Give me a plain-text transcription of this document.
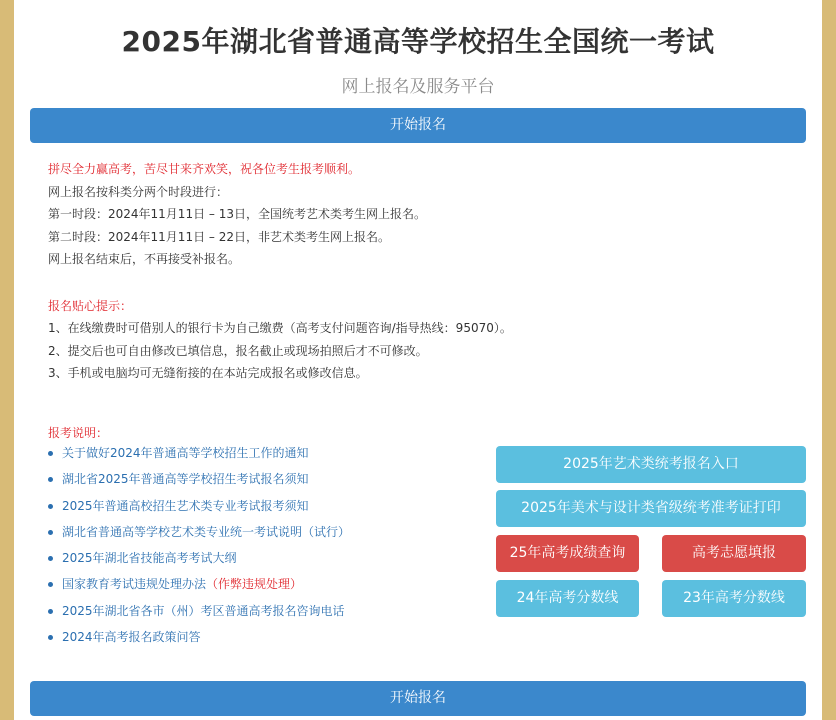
2025年湖北省普通高等学校招生全国统一考试
网上报名及服务平台
开始报名

拼尽全力赢高考，苦尽甘来齐欢笑，祝各位考生报考顺利。

网上报名按科类分两个时段进行：

第一时段：2024年11月11日 – 13日，全国统考艺术类考生网上报名。

第二时段：2024年11月11日 – 22日，非艺术类考生网上报名。

网上报名结束后，不再接受补报名。

报名贴心提示：

1、在线缴费时可借别人的银行卡为自己缴费（高考支付问题咨询/指导热线：95070）。

2、提交后也可自由修改已填信息，报名截止或现场拍照后才不可修改。

3、手机或电脑均可无缝衔接的在本站完成报名或修改信息。

报考说明：

关于做好2024年普通高等学校招生工作的通知
湖北省2025年普通高等学校招生考试报名须知
2025年普通高校招生艺术类专业考试报考须知
湖北省普通高等学校艺术类专业统一考试说明（试行）
2025年湖北省技能高考考试大纲
国家教育考试违规处理办法（作弊违规处理）
2025年湖北省各市（州）考区普通高考报名咨询电话
2024年高考报名政策问答
2025年艺术类统考报名入口
2025年美术与设计类省级统考准考证打印
25年高考成绩查询	高考志愿填报
24年高考分数线	23年高考分数线
开始报名
